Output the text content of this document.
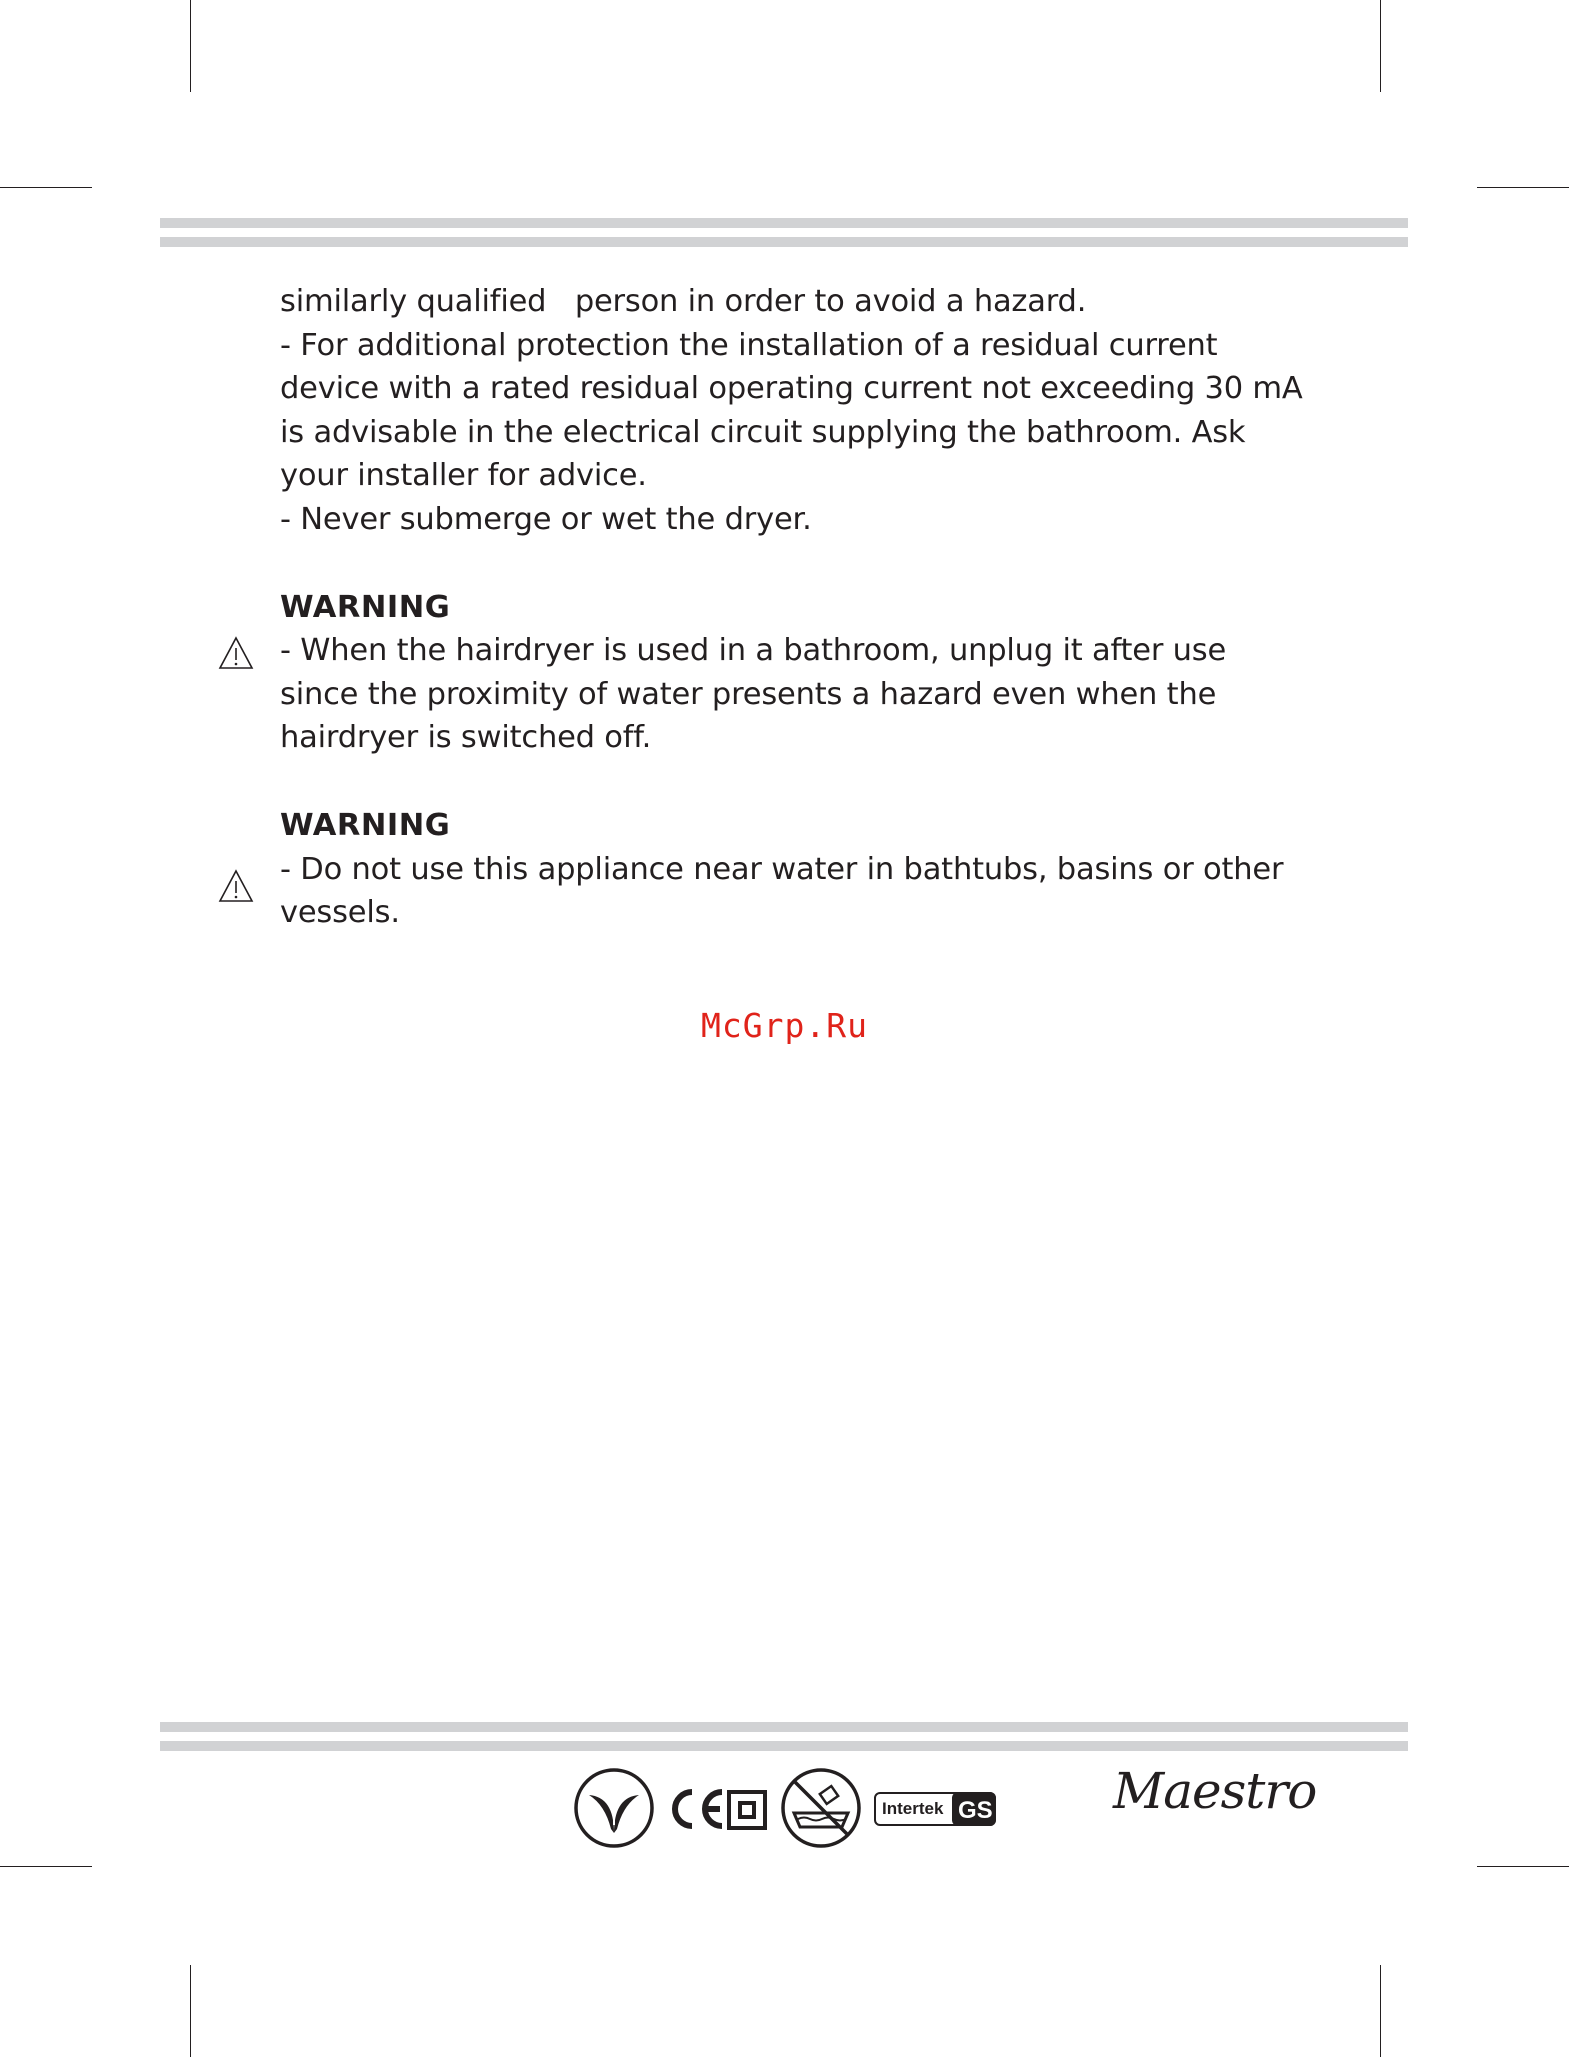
similarly qualified   person in order to avoid a hazard.
- For additional protection the installation of a residual current device with a rated residual operating current not exceeding 30 mA is advisable in the electrical circuit supplying the bathroom. Ask your installer for advice.
- Never submerge or wet the dryer.

WARNING

- When the hairdryer is used in a bathroom, unplug it after use since the proximity of water presents a hazard even when the hairdryer is switched off.

WARNING

- Do not use this appliance near water in bathtubs, basins or other vessels.

McGrp.Ru
Intertek GS Maestro
